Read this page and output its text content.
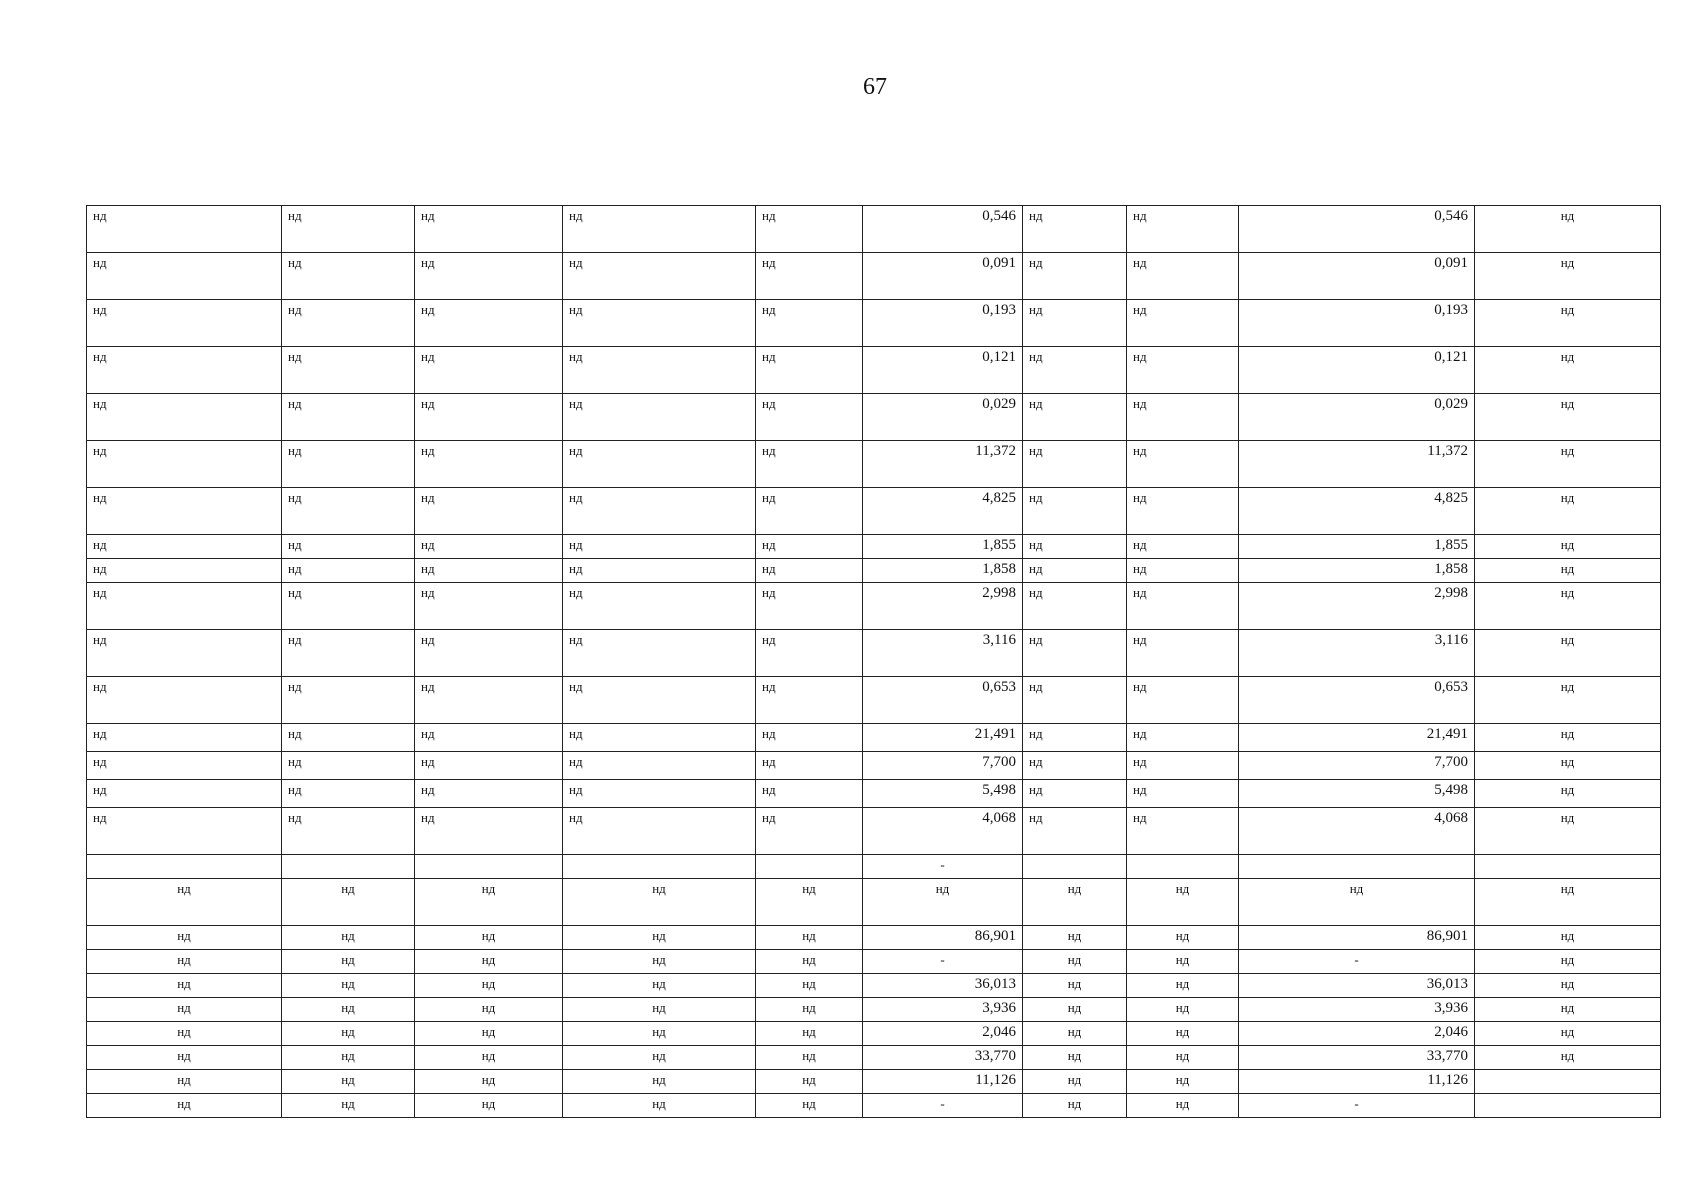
67
нд	нд	нд	нд	нд	0,546	нд	нд	0,546	нд
нд	нд	нд	нд	нд	0,091	нд	нд	0,091	нд
нд	нд	нд	нд	нд	0,193	нд	нд	0,193	нд
нд	нд	нд	нд	нд	0,121	нд	нд	0,121	нд
нд	нд	нд	нд	нд	0,029	нд	нд	0,029	нд
нд	нд	нд	нд	нд	11,372	нд	нд	11,372	нд
нд	нд	нд	нд	нд	4,825	нд	нд	4,825	нд
нд	нд	нд	нд	нд	1,855	нд	нд	1,855	нд
нд	нд	нд	нд	нд	1,858	нд	нд	1,858	нд
нд	нд	нд	нд	нд	2,998	нд	нд	2,998	нд
нд	нд	нд	нд	нд	3,116	нд	нд	3,116	нд
нд	нд	нд	нд	нд	0,653	нд	нд	0,653	нд
нд	нд	нд	нд	нд	21,491	нд	нд	21,491	нд
нд	нд	нд	нд	нд	7,700	нд	нд	7,700	нд
нд	нд	нд	нд	нд	5,498	нд	нд	5,498	нд
нд	нд	нд	нд	нд	4,068	нд	нд	4,068	нд
					-				
нд	нд	нд	нд	нд	нд	нд	нд	нд	нд
нд	нд	нд	нд	нд	86,901	нд	нд	86,901	нд
нд	нд	нд	нд	нд	-	нд	нд	-	нд
нд	нд	нд	нд	нд	36,013	нд	нд	36,013	нд
нд	нд	нд	нд	нд	3,936	нд	нд	3,936	нд
нд	нд	нд	нд	нд	2,046	нд	нд	2,046	нд
нд	нд	нд	нд	нд	33,770	нд	нд	33,770	нд
нд	нд	нд	нд	нд	11,126	нд	нд	11,126	
нд	нд	нд	нд	нд	-	нд	нд	-	
